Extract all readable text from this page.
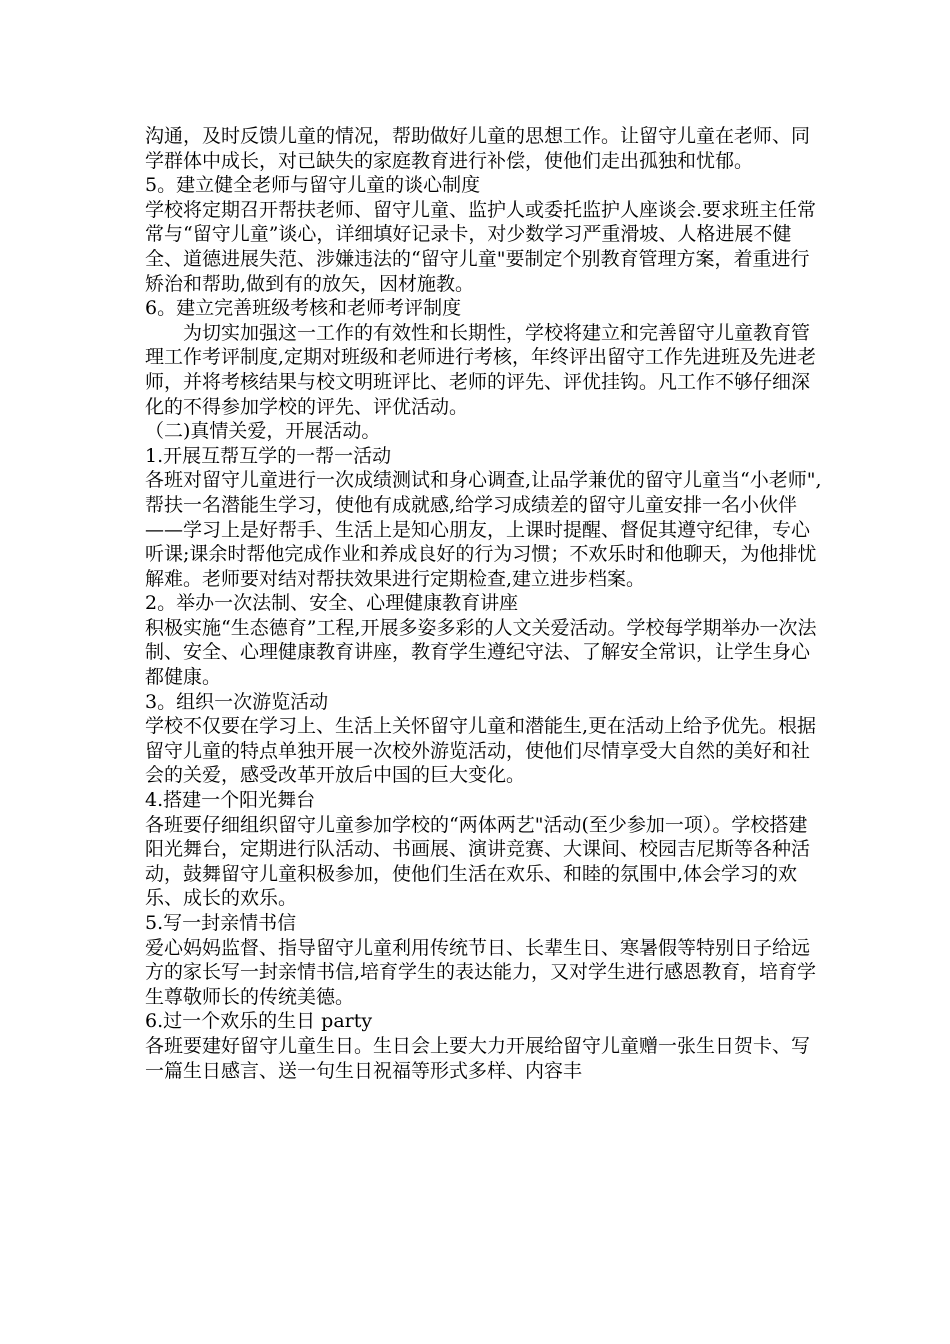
沟通，及时反馈儿童的情况，帮助做好儿童的思想工作。让留守儿童在老师、同学群体中成长，对已缺失的家庭教育进行补偿，使他们走出孤独和忧郁。

5。建立健全老师与留守儿童的谈心制度

学校将定期召开帮扶老师、留守儿童、监护人或委托监护人座谈会.要求班主任常常与“留守儿童”谈心，详细填好记录卡，对少数学习严重滑坡、人格进展不健全、道德进展失范、涉嫌违法的“留守儿童"要制定个别教育管理方案，着重进行矫治和帮助,做到有的放矢，因材施教。

6。建立完善班级考核和老师考评制度

　　为切实加强这一工作的有效性和长期性，学校将建立和完善留守儿童教育管理工作考评制度,定期对班级和老师进行考核，年终评出留守工作先进班及先进老师，并将考核结果与校文明班评比、老师的评先、评优挂钩。凡工作不够仔细深化的不得参加学校的评先、评优活动。

（二)真情关爱，开展活动。

1.开展互帮互学的一帮一活动

各班对留守儿童进行一次成绩测试和身心调查,让品学兼优的留守儿童当“小老师",帮扶一名潜能生学习，使他有成就感,给学习成绩差的留守儿童安排一名小伙伴——学习上是好帮手、生活上是知心朋友，上课时提醒、督促其遵守纪律，专心听课;课余时帮他完成作业和养成良好的行为习惯；不欢乐时和他聊天，为他排忧解难。老师要对结对帮扶效果进行定期检查,建立进步档案。

2。举办一次法制、安全、心理健康教育讲座

积极实施“生态德育”工程,开展多姿多彩的人文关爱活动。学校每学期举办一次法制、安全、心理健康教育讲座，教育学生遵纪守法、了解安全常识，让学生身心都健康。

3。组织一次游览活动

学校不仅要在学习上、生活上关怀留守儿童和潜能生,更在活动上给予优先。根据留守儿童的特点单独开展一次校外游览活动，使他们尽情享受大自然的美好和社会的关爱，感受改革开放后中国的巨大变化。

4.搭建一个阳光舞台

各班要仔细组织留守儿童参加学校的“两体两艺"活动(至少参加一项）。学校搭建阳光舞台，定期进行队活动、书画展、演讲竞赛、大课间、校园吉尼斯等各种活动，鼓舞留守儿童积极参加，使他们生活在欢乐、和睦的氛围中,体会学习的欢乐、成长的欢乐。

5.写一封亲情书信

爱心妈妈监督、指导留守儿童利用传统节日、长辈生日、寒暑假等特别日子给远方的家长写一封亲情书信,培育学生的表达能力，又对学生进行感恩教育，培育学生尊敬师长的传统美德。

6.过一个欢乐的生日 party

各班要建好留守儿童生日。生日会上要大力开展给留守儿童赠一张生日贺卡、写一篇生日感言、送一句生日祝福等形式多样、内容丰
